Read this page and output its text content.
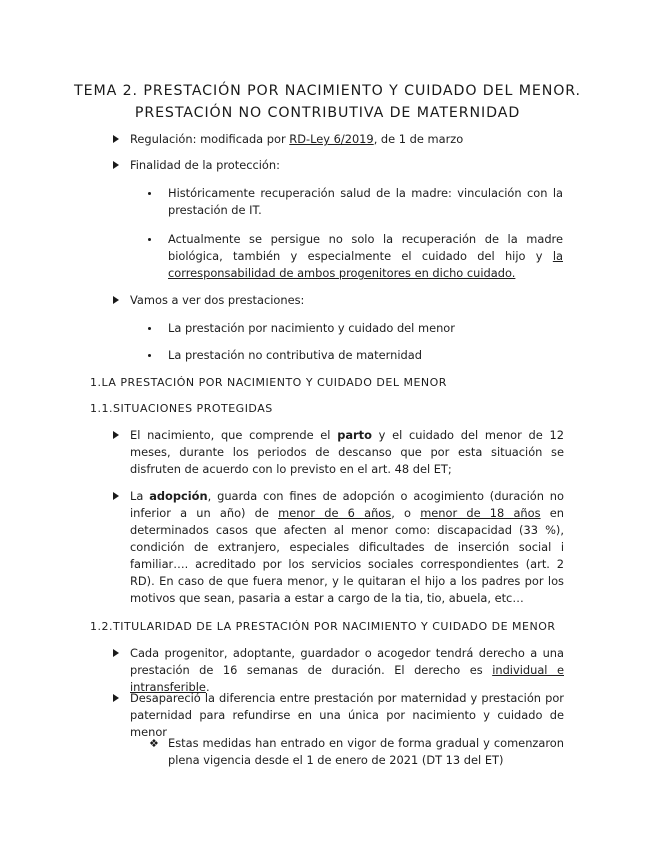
TEMA 2. PRESTACIÓN POR NACIMIENTO Y CUIDADO DEL MENOR.
PRESTACIÓN NO CONTRIBUTIVA DE MATERNIDAD
Regulación: modificada por RD-Ley 6/2019, de 1 de marzo
Finalidad de la protección:
Históricamente recuperación salud de la madre: vinculación con la prestación de IT.
Actualmente se persigue no solo la recuperación de la madre biológica, también y especialmente el cuidado del hijo y la corresponsabilidad de ambos progenitores en dicho cuidado.
Vamos a ver dos prestaciones:
La prestación por nacimiento y cuidado del menor
La prestación no contributiva de maternidad
1.LA PRESTACIÓN POR NACIMIENTO Y CUIDADO DEL MENOR
1.1.SITUACIONES PROTEGIDAS
El nacimiento, que comprende el parto y el cuidado del menor de 12 meses, durante los periodos de descanso que por esta situación se disfruten de acuerdo con lo previsto en el art. 48 del ET;
La adopción, guarda con fines de adopción o acogimiento (duración no inferior a un año) de menor de 6 años, o menor de 18 años en determinados casos que afecten al menor como: discapacidad (33 %), condición de extranjero, especiales dificultades de inserción social i familiar…. acreditado por los servicios sociales correspondientes (art. 2 RD). En caso de que fuera menor, y le quitaran el hijo a los padres por los motivos que sean, pasaria a estar a cargo de la tia, tio, abuela, etc…
1.2.TITULARIDAD DE LA PRESTACIÓN POR NACIMIENTO Y CUIDADO DE MENOR
Cada progenitor, adoptante, guardador o acogedor tendrá derecho a una prestación de 16 semanas de duración. El derecho es individual e intransferible.
Desapareció la diferencia entre prestación por maternidad y prestación por paternidad para refundirse en una única por nacimiento y cuidado de menor
❖ Estas medidas han entrado en vigor de forma gradual y comenzaron plena vigencia desde el 1 de enero de 2021 (DT 13 del ET)
